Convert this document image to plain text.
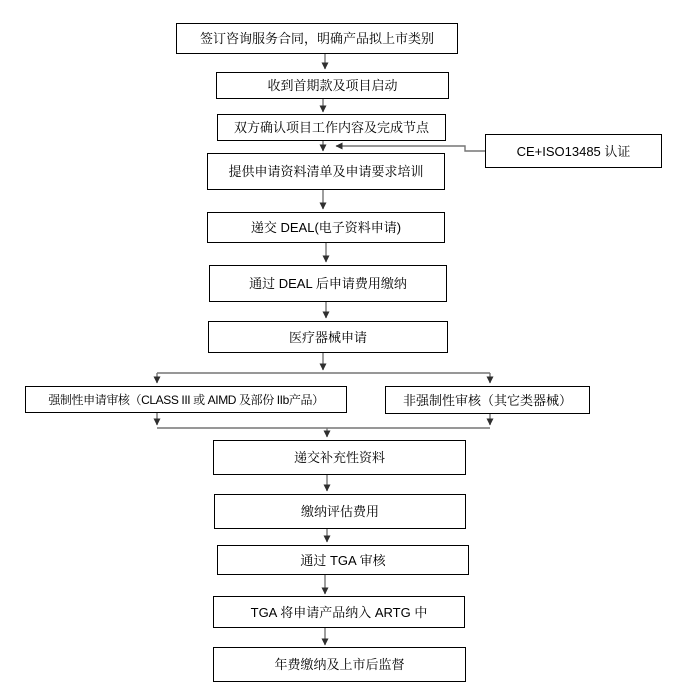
签订咨询服务合同，明确产品拟上市类别
收到首期款及项目启动
双方确认项目工作内容及完成节点
提供申请资料清单及申请要求培训
递交 DEAL(电子资料申请)
通过 DEAL 后申请费用缴纳
医疗器械申请
强制性申请审核（CLASS III 或 AIMD 及部份 IIb产品）	非强制性审核（其它类器械）
递交补充性资料
缴纳评估费用
通过 TGA 审核
TGA 将申请产品纳入 ARTG 中
年费缴纳及上市后监督
CE+ISO13485 认证
